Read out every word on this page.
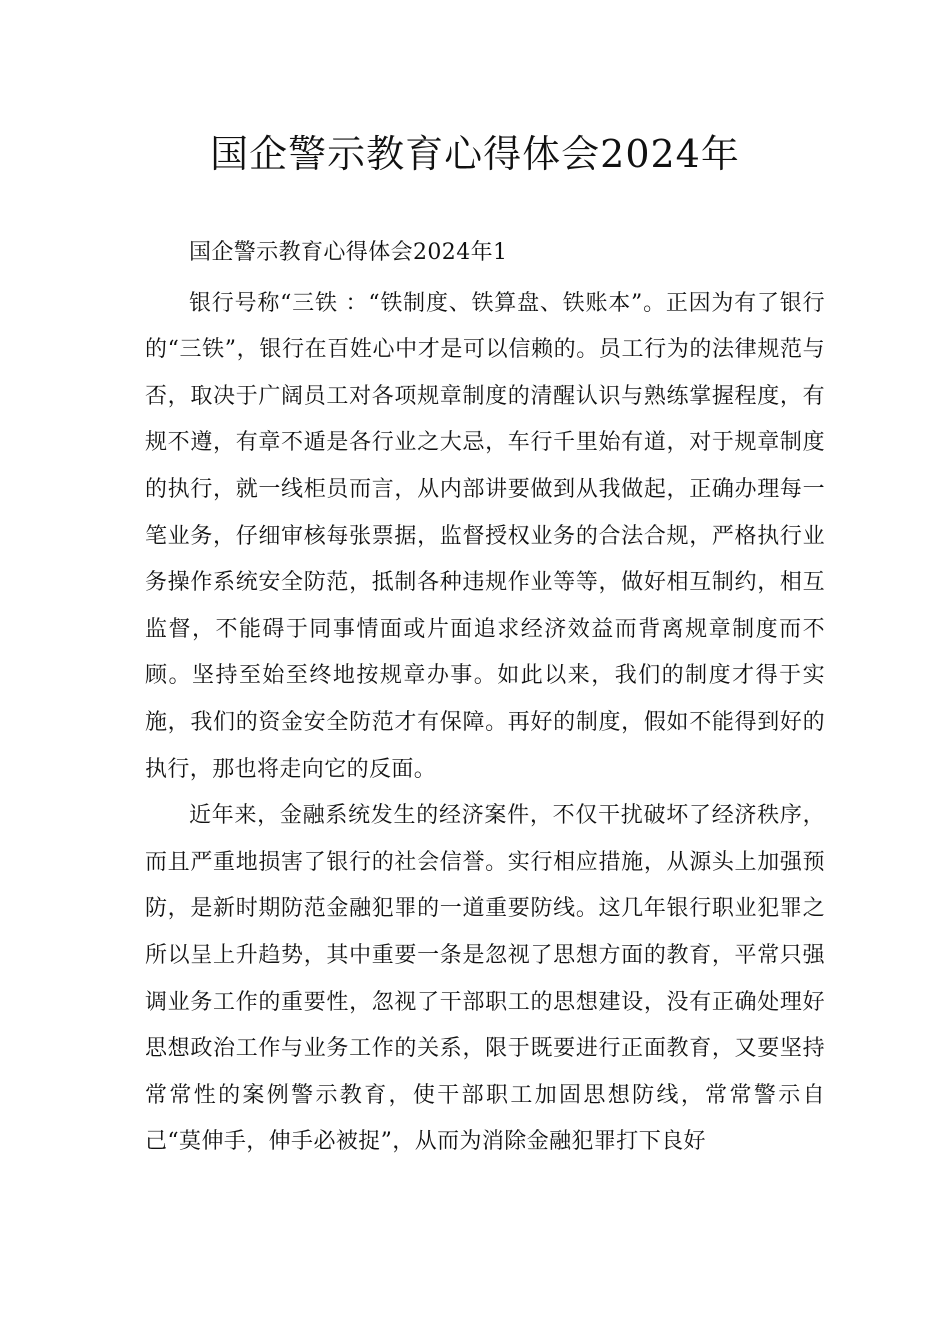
国企警示教育心得体会2024年

国企警示教育心得体会2024年1

银行号称“三铁 ：“铁制度、铁算盘、铁账本”。正因为有了银行的“三铁”，银行在百姓心中才是可以信赖的。员工行为的法律规范与否，取决于广阔员工对各项规章制度的清醒认识与熟练掌握程度，有规不遵，有章不遁是各行业之大忌，车行千里始有道，对于规章制度的执行，就一线柜员而言，从内部讲要做到从我做起，正确办理每一笔业务，仔细审核每张票据，监督授权业务的合法合规，严格执行业务操作系统安全防范，抵制各种违规作业等等，做好相互制约，相互监督，不能碍于同事情面或片面追求经济效益而背离规章制度而不顾。坚持至始至终地按规章办事。如此以来，我们的制度才得于实施，我们的资金安全防范才有保障。再好的制度，假如不能得到好的执行，那也将走向它的反面。

近年来，金融系统发生的经济案件，不仅干扰破坏了经济秩序，而且严重地损害了银行的社会信誉。实行相应措施，从源头上加强预防，是新时期防范金融犯罪的一道重要防线。这几年银行职业犯罪之所以呈上升趋势，其中重要一条是忽视了思想方面的教育，平常只强调业务工作的重要性，忽视了干部职工的思想建设，没有正确处理好思想政治工作与业务工作的关系，限于既要进行正面教育，又要坚持常常性的案例警示教育，使干部职工加固思想防线，常常警示自己“莫伸手，伸手必被捉”，从而为消除金融犯罪打下良好
